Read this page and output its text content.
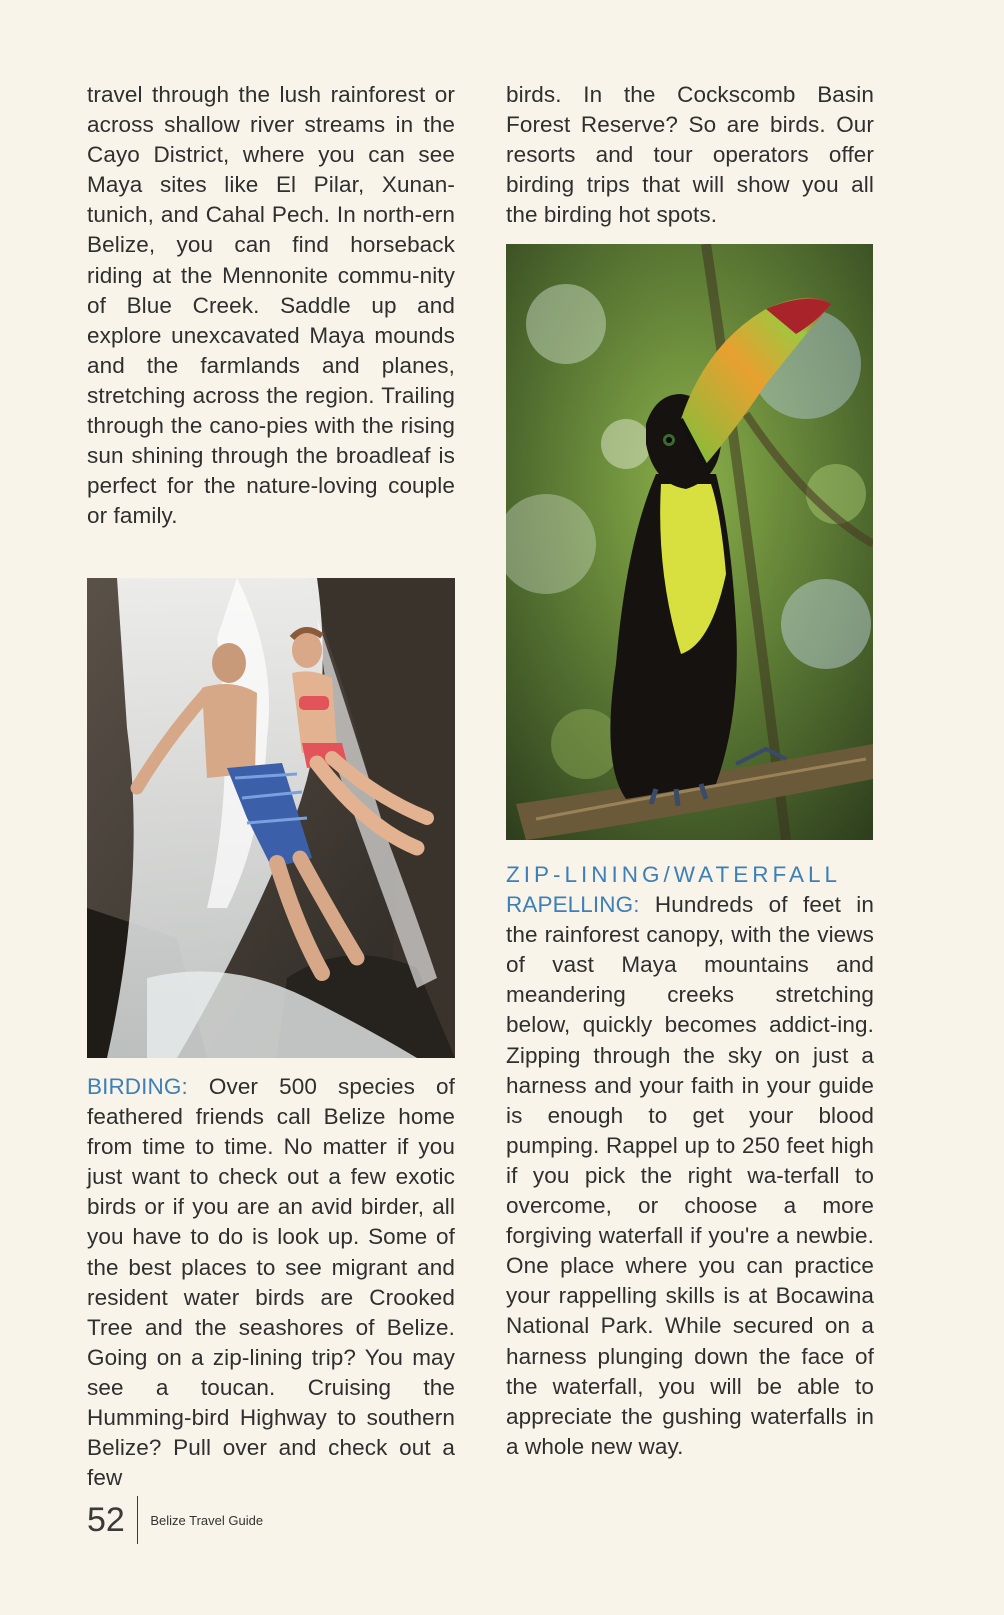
travel through the lush rainforest or across shallow river streams in the Cayo District, where you can see Maya sites like El Pilar, Xunan-tunich, and Cahal Pech. In north-ern Belize, you can find horseback riding at the Mennonite commu-nity of Blue Creek. Saddle up and explore unexcavated Maya mounds and the farmlands and planes, stretching across the region. Trailing through the cano-pies with the rising sun shining through the broadleaf is perfect for the nature-loving couple or family.

BIRDING: Over 500 species of feathered friends call Belize home from time to time. No matter if you just want to check out a few exotic birds or if you are an avid birder, all you have to do is look up. Some of the best places to see migrant and resident water birds are Crooked Tree and the seashores of Belize. Going on a zip-lining trip? You may see a toucan. Cruising the Humming-bird Highway to southern Belize? Pull over and check out a few

birds. In the Cockscomb Basin Forest Reserve? So are birds. Our resorts and tour operators offer birding trips that will show you all the birding hot spots.

ZIP-LINING/WATERFALL
RAPELLING: Hundreds of feet in the rainforest canopy, with the views of vast Maya mountains and meandering creeks stretching below, quickly becomes addict-ing. Zipping through the sky on just a harness and your faith in your guide is enough to get your blood pumping. Rappel up to 250 feet high if you pick the right wa-terfall to overcome, or choose a more forgiving waterfall if you're a newbie. One place where you can practice your rappelling skills is at Bocawina National Park. While secured on a harness plunging down the face of the waterfall, you will be able to appreciate the gushing waterfalls in a whole new way.

52 Belize Travel Guide
